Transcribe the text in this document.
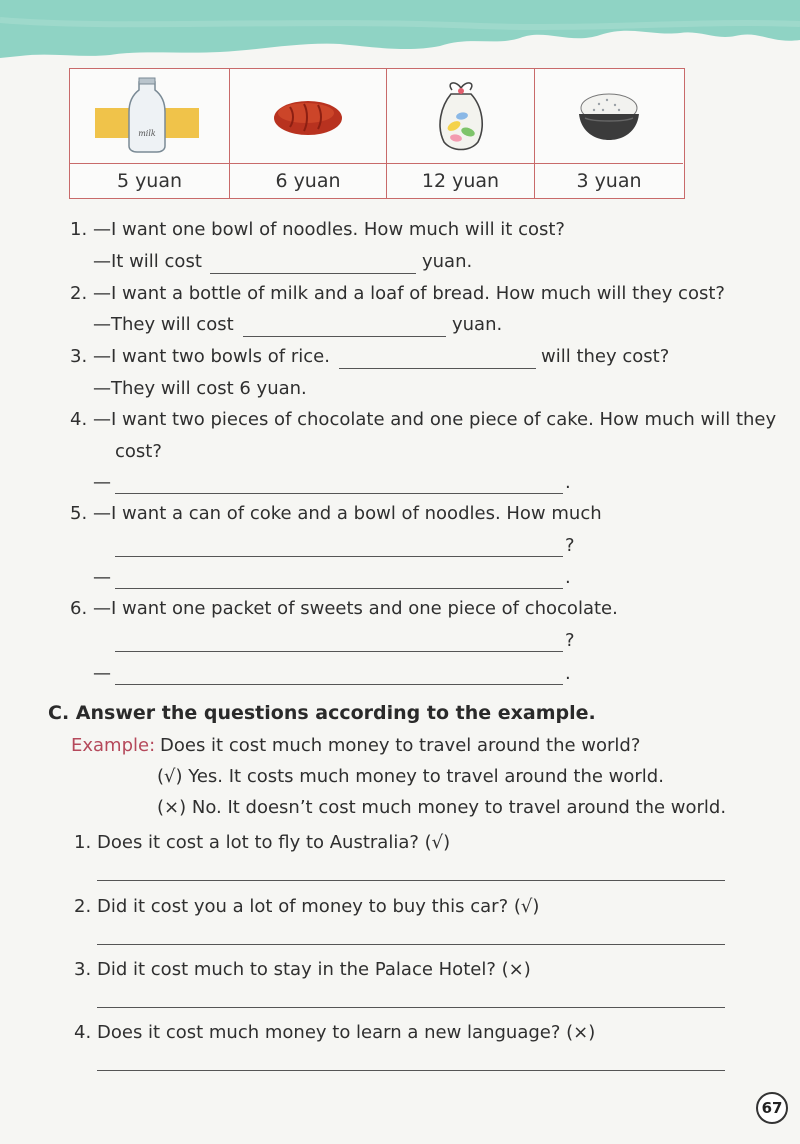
milk
5 yuan	6 yuan	12 yuan	3 yuan
1. —I want one bowl of noodles. How much will it cost?
—It will cost	yuan.
2. —I want a bottle of milk and a loaf of bread. How much will they cost?
—They will cost	yuan.
3. —I want two bowls of rice.	will they cost?
—They will cost 6 yuan.
4. —I want two pieces of chocolate and one piece of cake. How much will they
cost?
—	.
5. —I want a can of coke and a bowl of noodles. How much
?
—	.
6. —I want one packet of sweets and one piece of chocolate.
?
—	.
C. Answer the questions according to the example.
Example: Does it cost much money to travel around the world?
(√) Yes. It costs much money to travel around the world.
(×) No. It doesn’t cost much money to travel around the world.
1. Does it cost a lot to fly to Australia? (√)
2. Did it cost you a lot of money to buy this car? (√)
3. Did it cost much to stay in the Palace Hotel? (×)
4. Does it cost much money to learn a new language? (×)
67
